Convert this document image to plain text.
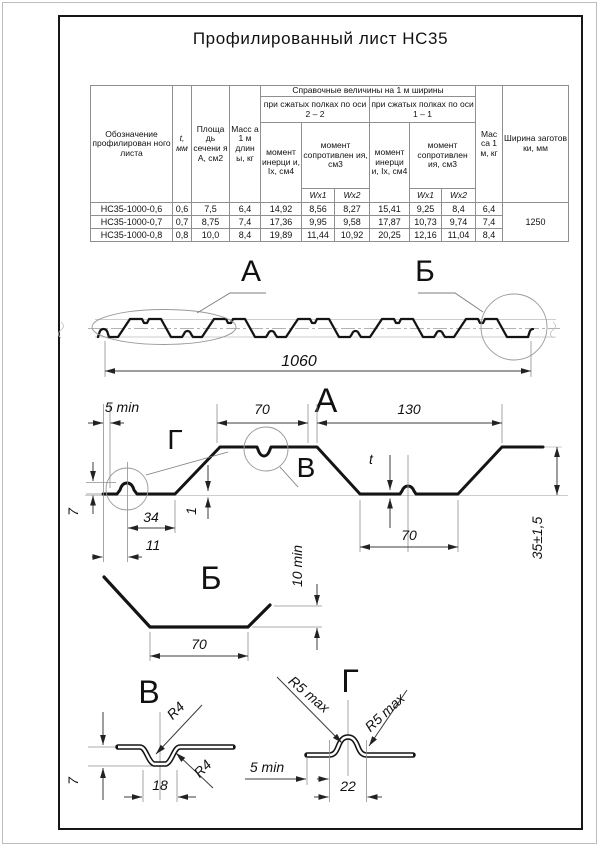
Профилированный лист НС35
Обозначение профилирован ного листа	t, мм	Площа дь сечени я А, см2	Масс а 1 м длин ы, кг	Справочные величины на 1 м ширины						Мас са 1 м, кг	Ширина заготов ки, мм
				при сжатых полках по оси 2 – 2			при сжатых полках по оси 1 – 1				
				момент инерци и, Ix, см4	момент сопротивлен ия, см3		момент инерци и, Ix, см4	момент сопротивлен ия, см3			
					Wx1	Wx2		Wx1	Wx2		
НС35-1000-0,6	0,6	7,5	6,4	14,92	8,56	8,27	15,41	9,25	8,4	6,4	1250
НС35-1000-0,7	0,7	8,75	7,4	17,36	9,95	9,58	17,87	10,73	9,74	7,4	
НС35-1000-0,8	0,8	10,0	8,4	19,89	11,44	10,92	20,25	12,16	11,04	8,4	
А	Б
1060
А
Г
В
5 min	70	130
7	34 1
11
t
70	35±1,5
Б
70
10 min
В
R4
R4
7	18
Г
R5 max R5 max
5 min
22
